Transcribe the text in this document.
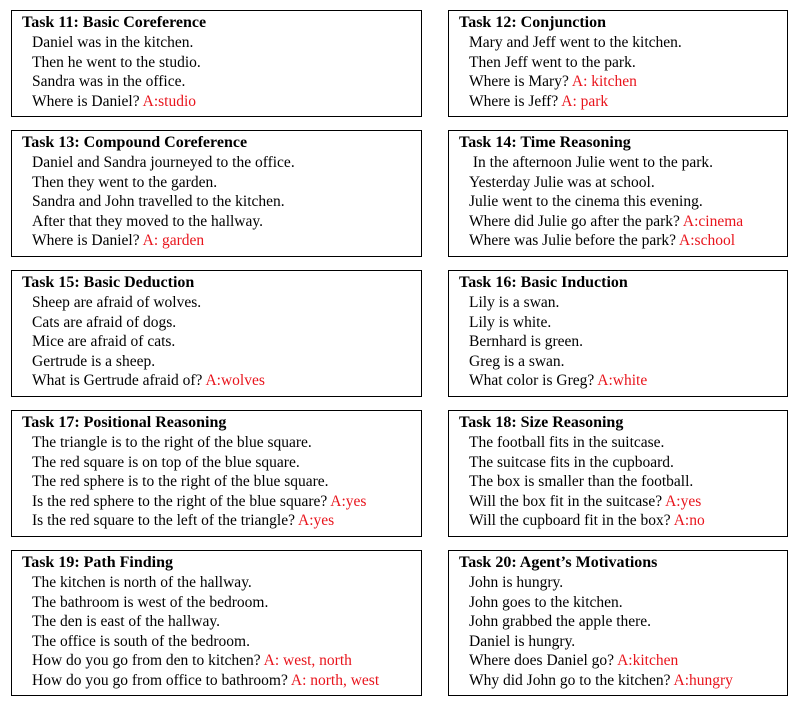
Task 11: Basic Coreference
Daniel was in the kitchen.
Then he went to the studio.
Sandra was in the office.
Where is Daniel? A:studio
Task 12: Conjunction
Mary and Jeff went to the kitchen.
Then Jeff went to the park.
Where is Mary? A: kitchen
Where is Jeff? A: park
Task 13: Compound Coreference
Daniel and Sandra journeyed to the office.
Then they went to the garden.
Sandra and John travelled to the kitchen.
After that they moved to the hallway.
Where is Daniel? A: garden
Task 14: Time Reasoning
In the afternoon Julie went to the park.
Yesterday Julie was at school.
Julie went to the cinema this evening.
Where did Julie go after the park? A:cinema
Where was Julie before the park? A:school
Task 15: Basic Deduction
Sheep are afraid of wolves.
Cats are afraid of dogs.
Mice are afraid of cats.
Gertrude is a sheep.
What is Gertrude afraid of? A:wolves
Task 16: Basic Induction
Lily is a swan.
Lily is white.
Bernhard is green.
Greg is a swan.
What color is Greg? A:white
Task 17: Positional Reasoning
The triangle is to the right of the blue square.
The red square is on top of the blue square.
The red sphere is to the right of the blue square.
Is the red sphere to the right of the blue square? A:yes
Is the red square to the left of the triangle? A:yes
Task 18: Size Reasoning
The football fits in the suitcase.
The suitcase fits in the cupboard.
The box is smaller than the football.
Will the box fit in the suitcase? A:yes
Will the cupboard fit in the box? A:no
Task 19: Path Finding
The kitchen is north of the hallway.
The bathroom is west of the bedroom.
The den is east of the hallway.
The office is south of the bedroom.
How do you go from den to kitchen? A: west, north
How do you go from office to bathroom? A: north, west
Task 20: Agent’s Motivations
John is hungry.
John goes to the kitchen.
John grabbed the apple there.
Daniel is hungry.
Where does Daniel go? A:kitchen
Why did John go to the kitchen? A:hungry
